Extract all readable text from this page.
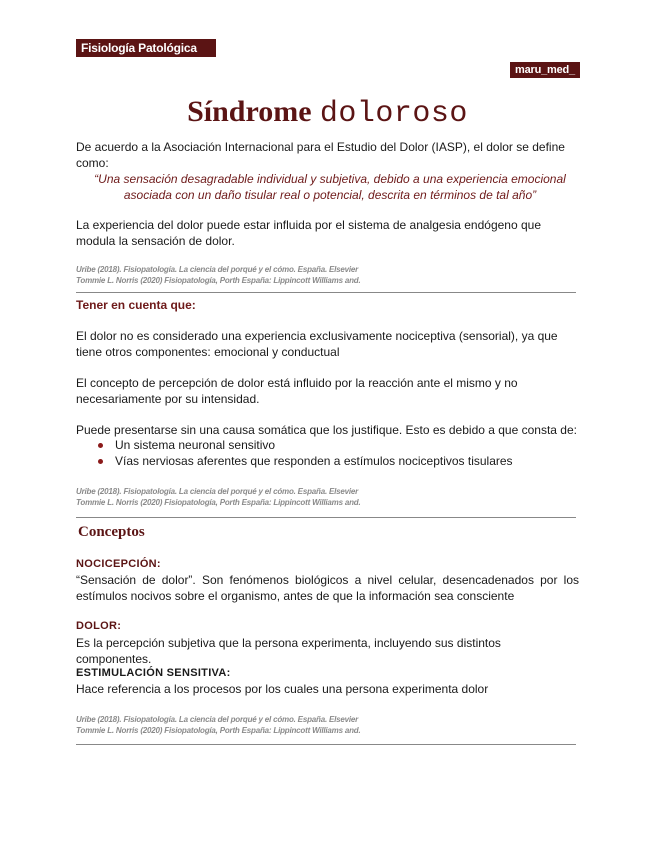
Fisiología Patológica
maru_med_
Síndrome doloroso
De acuerdo a la Asociación Internacional para el Estudio del Dolor (IASP), el dolor se define como:
“Una sensación desagradable individual y subjetiva, debido a una experiencia emocional asociada con un daño tisular real o potencial, descrita en términos de tal año”
La experiencia del dolor puede estar influida por el sistema de analgesia endógeno que modula la sensación de dolor.
Uribe (2018). Fisiopatología. La ciencia del porqué y el cómo. España. Elsevier
Tommie L. Norris (2020) Fisiopatología, Porth España: Lippincott Williams and.
Tener en cuenta que:
El dolor no es considerado una experiencia exclusivamente nociceptiva (sensorial), ya que tiene otros componentes: emocional y conductual
El concepto de percepción de dolor está influido por la reacción ante el mismo y no necesariamente por su intensidad.
Puede presentarse sin una causa somática que los justifique. Esto es debido a que consta de:
Un sistema neuronal sensitivo
Vías nerviosas aferentes que responden a estímulos nociceptivos tisulares
Uribe (2018). Fisiopatología. La ciencia del porqué y el cómo. España. Elsevier
Tommie L. Norris (2020) Fisiopatología, Porth España: Lippincott Williams and.
Conceptos
NOCICEPCIÓN:
“Sensación de dolor”. Son fenómenos biológicos a nivel celular, desencadenados por los estímulos nocivos sobre el organismo, antes de que la información sea consciente
DOLOR:
Es la percepción subjetiva que la persona experimenta, incluyendo sus distintos componentes.
ESTIMULACIÓN SENSITIVA:
Hace referencia a los procesos por los cuales una persona experimenta dolor
Uribe (2018). Fisiopatología. La ciencia del porqué y el cómo. España. Elsevier
Tommie L. Norris (2020) Fisiopatología, Porth España: Lippincott Williams and.
